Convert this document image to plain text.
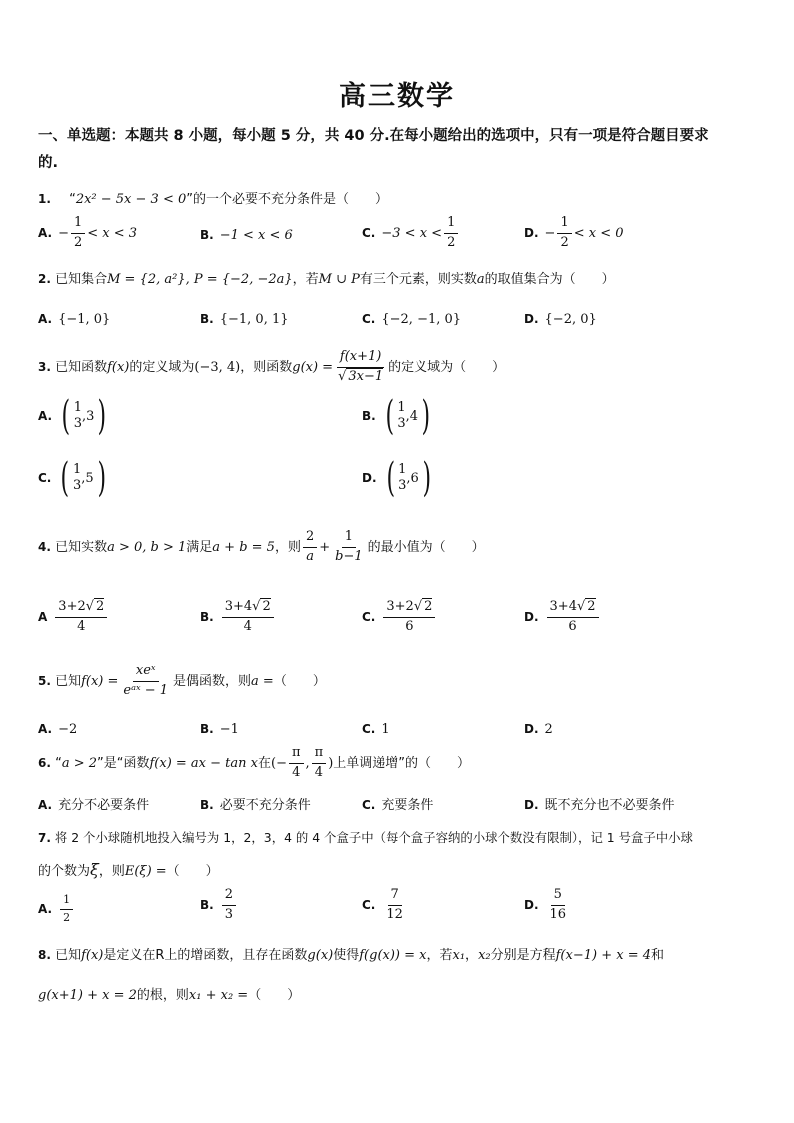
高三数学
一、单选题：本题共 8 小题，每小题 5 分，共 40 分.在每小题给出的选项中，只有一项是符合题目要求
的.
1. “2x² − 5x − 3 < 0”的一个必要不充分条件是（　　）
A. − $\frac{1}{2} < x < 3$	B. −1 < x < 6	C. $-3 < x < \frac{1}{2}$	D. − $\frac{1}{2} < x < 0$
2. 已知集合M = {2, a²}, P = {−2, −2a}，若M ∪ P有三个元素，则实数a的取值集合为（　　）
A. {−1, 0}	B. {−1, 0, 1}	C. {−2, −1, 0}	D. {−2, 0}
3. 已知函数f(x)的定义域为(−3, 4)，则函数$g(x) = \frac{f(x+1)}{√ 3x-1}$ 的定义域为（　　）
A. ( 1
3 ,3 )	B. ( 1
3 ,4 )
C. ( 1
3 ,5 )	D. ( 1
3 ,6 )
4. 已知实数a > 0, b > 1满足a + b = 5，则 $\frac{2}{a} + \frac{1}{b-1}$ 的最小值为（　　）
A $\frac{3+2√ 2}{4}$	B. $\frac{3+4√ 2}{4}$	C. $\frac{3+2√ 2}{6}$	D. $\frac{3+4√ 2}{6}$
5. 已知$f(x) = \frac{\text{xeˣ}}{\text{eᵃˣ − 1}}$ 是偶函数，则a =（　　）
A. −2	B. −1	C. 1	D. 2
6. “a > 2”是“函数f(x) = ax − tan x在(− $\frac{\pi}{4}$ , $\frac{\pi}{4}$ )上单调递增”的（　　）
A. 充分不必要条件	B. 必要不充分条件	C. 充要条件	D. 既不充分也不必要条件
7. 将 2 个小球随机地投入编号为 1，2，3，4 的 4 个盒子中（每个盒子容纳的小球个数没有限制），记 1 号盒子中小球
的个数为ξ，则E(ξ) =（　　）
A. $\frac{1}{2}$	B. $\frac{2}{3}$	C. $\frac{7}{12}$	D. $\frac{5}{16}$
8. 已知f(x)是定义在R上的增函数，且存在函数g(x)使得f(g(x)) = x，若x₁，x₂分别是方程f(x−1) + x = 4和
g(x+1) + x = 2的根，则x₁ + x₂ =（　　）
